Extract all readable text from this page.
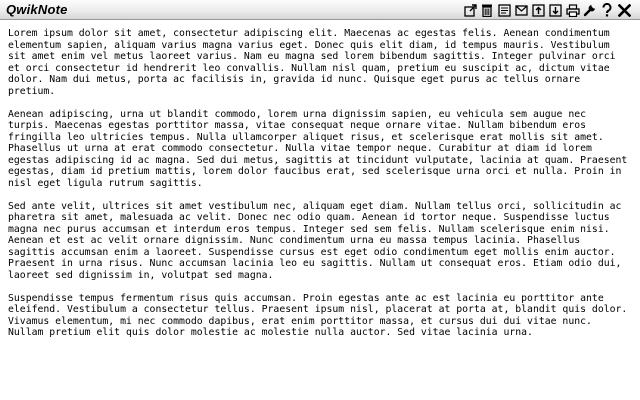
QwikNote

Lorem ipsum dolor sit amet, consectetur adipiscing elit. Maecenas ac egestas felis. Aenean condimentum elementum sapien, aliquam varius magna varius eget. Donec quis elit diam, id tempus mauris. Vestibulum sit amet enim vel metus laoreet varius. Nam eu magna sed lorem bibendum sagittis. Integer pulvinar orci et orci consectetur id hendrerit leo convallis. Nullam nisl quam, pretium eu suscipit ac, dictum vitae dolor. Nam dui metus, porta ac facilisis in, gravida id nunc. Quisque eget purus ac tellus ornare pretium.

Aenean adipiscing, urna ut blandit commodo, lorem urna dignissim sapien, eu vehicula sem augue nec turpis. Maecenas egestas porttitor massa, vitae consequat neque ornare vitae. Nullam bibendum eros fringilla leo ultricies tempus. Nulla ullamcorper aliquet risus, et scelerisque erat mollis sit amet. Phasellus ut urna at erat commodo consectetur. Nulla vitae tempor neque. Curabitur at diam id lorem egestas adipiscing id ac magna. Sed dui metus, sagittis at tincidunt vulputate, lacinia at quam. Praesent egestas, diam id pretium mattis, lorem dolor faucibus erat, sed scelerisque urna orci et nulla. Proin in nisl eget ligula rutrum sagittis.

Sed ante velit, ultrices sit amet vestibulum nec, aliquam eget diam. Nullam tellus orci, sollicitudin ac pharetra sit amet, malesuada ac velit. Donec nec odio quam. Aenean id tortor neque. Suspendisse luctus magna nec purus accumsan et interdum eros tempus. Integer sed sem felis. Nullam scelerisque enim nisi. Aenean et est ac velit ornare dignissim. Nunc condimentum urna eu massa tempus lacinia. Phasellus sagittis accumsan enim a laoreet. Suspendisse cursus est eget odio condimentum eget mollis enim auctor. Praesent in urna risus. Nunc accumsan lacinia leo eu sagittis. Nullam ut consequat eros. Etiam odio dui, laoreet sed dignissim in, volutpat sed magna.

Suspendisse tempus fermentum risus quis accumsan. Proin egestas ante ac est lacinia eu porttitor ante eleifend. Vestibulum a consectetur tellus. Praesent ipsum nisl, placerat at porta at, blandit quis dolor. Vivamus elementum, mi nec commodo dapibus, erat enim porttitor massa, et cursus dui dui vitae nunc. Nullam pretium elit quis dolor molestie ac molestie nulla auctor. Sed vitae lacinia urna.
